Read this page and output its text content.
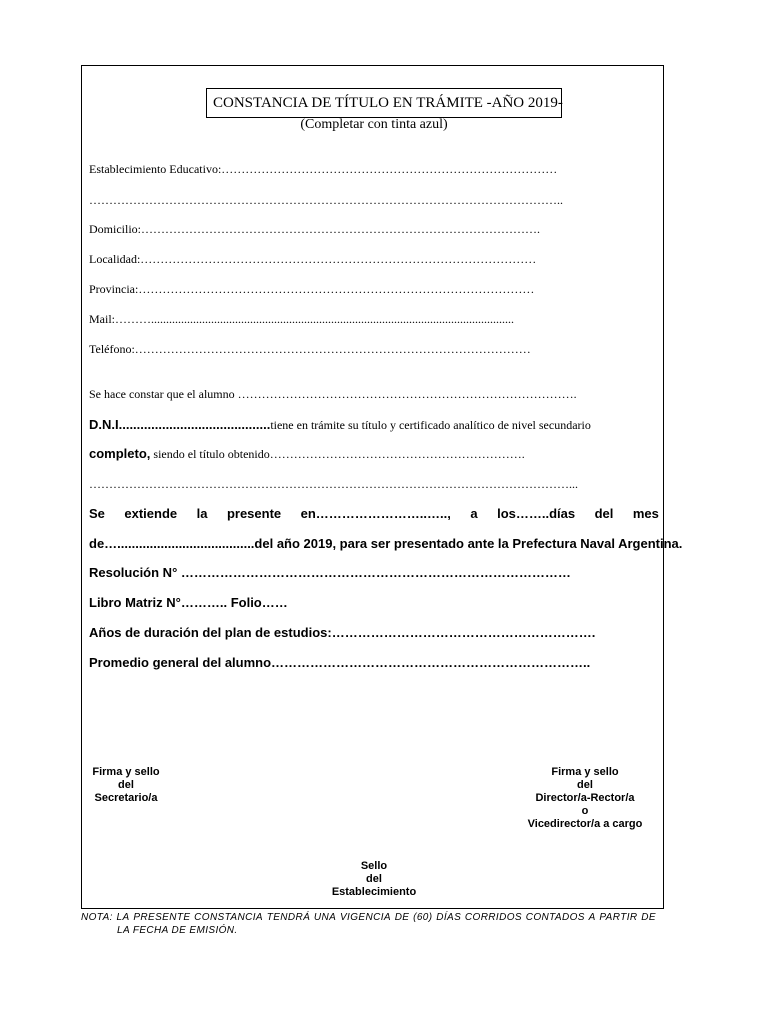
CONSTANCIA DE TÍTULO EN TRÁMITE -AÑO 2019-
(Completar con tinta azul)
Establecimiento Educativo:…………………………………………………………………………
………………………………………………………………………………………………………..
Domicilio:……………………………………………………………………………………….
Localidad:………………………………………………………………………………………
Provincia:………………………………………………………………………………………
Mail:……….........................................................................................................................
Teléfono:………………………………………………………………………………………
Se hace constar que el alumno ………………………………………………………………………….
D.N.I..........................................tiene en trámite su título y certificado analítico de nivel secundario
completo, siendo el título obtenido……………………………………………………….
…………………………………………………………………………………………………………...
Se extiende la presente en……………………..….., a los……..días del mes
de…......................................del año 2019, para ser presentado ante la Prefectura Naval Argentina.
Resolución N° ………………………………………………………………………………
Libro Matriz N°……….. Folio……
Años de duración del plan de estudios:…………………………………………………….
Promedio general del alumno………………………………………………………………..
Firma y sello
del
Secretario/a
Firma y sello
del
Director/a-Rector/a
o
Vicedirector/a a cargo
Sello
del
Establecimiento
NOTA: LA PRESENTE CONSTANCIA TENDRÁ UNA VIGENCIA DE (60) DÍAS CORRIDOS CONTADOS A PARTIR DE
LA FECHA DE EMISIÓN.
